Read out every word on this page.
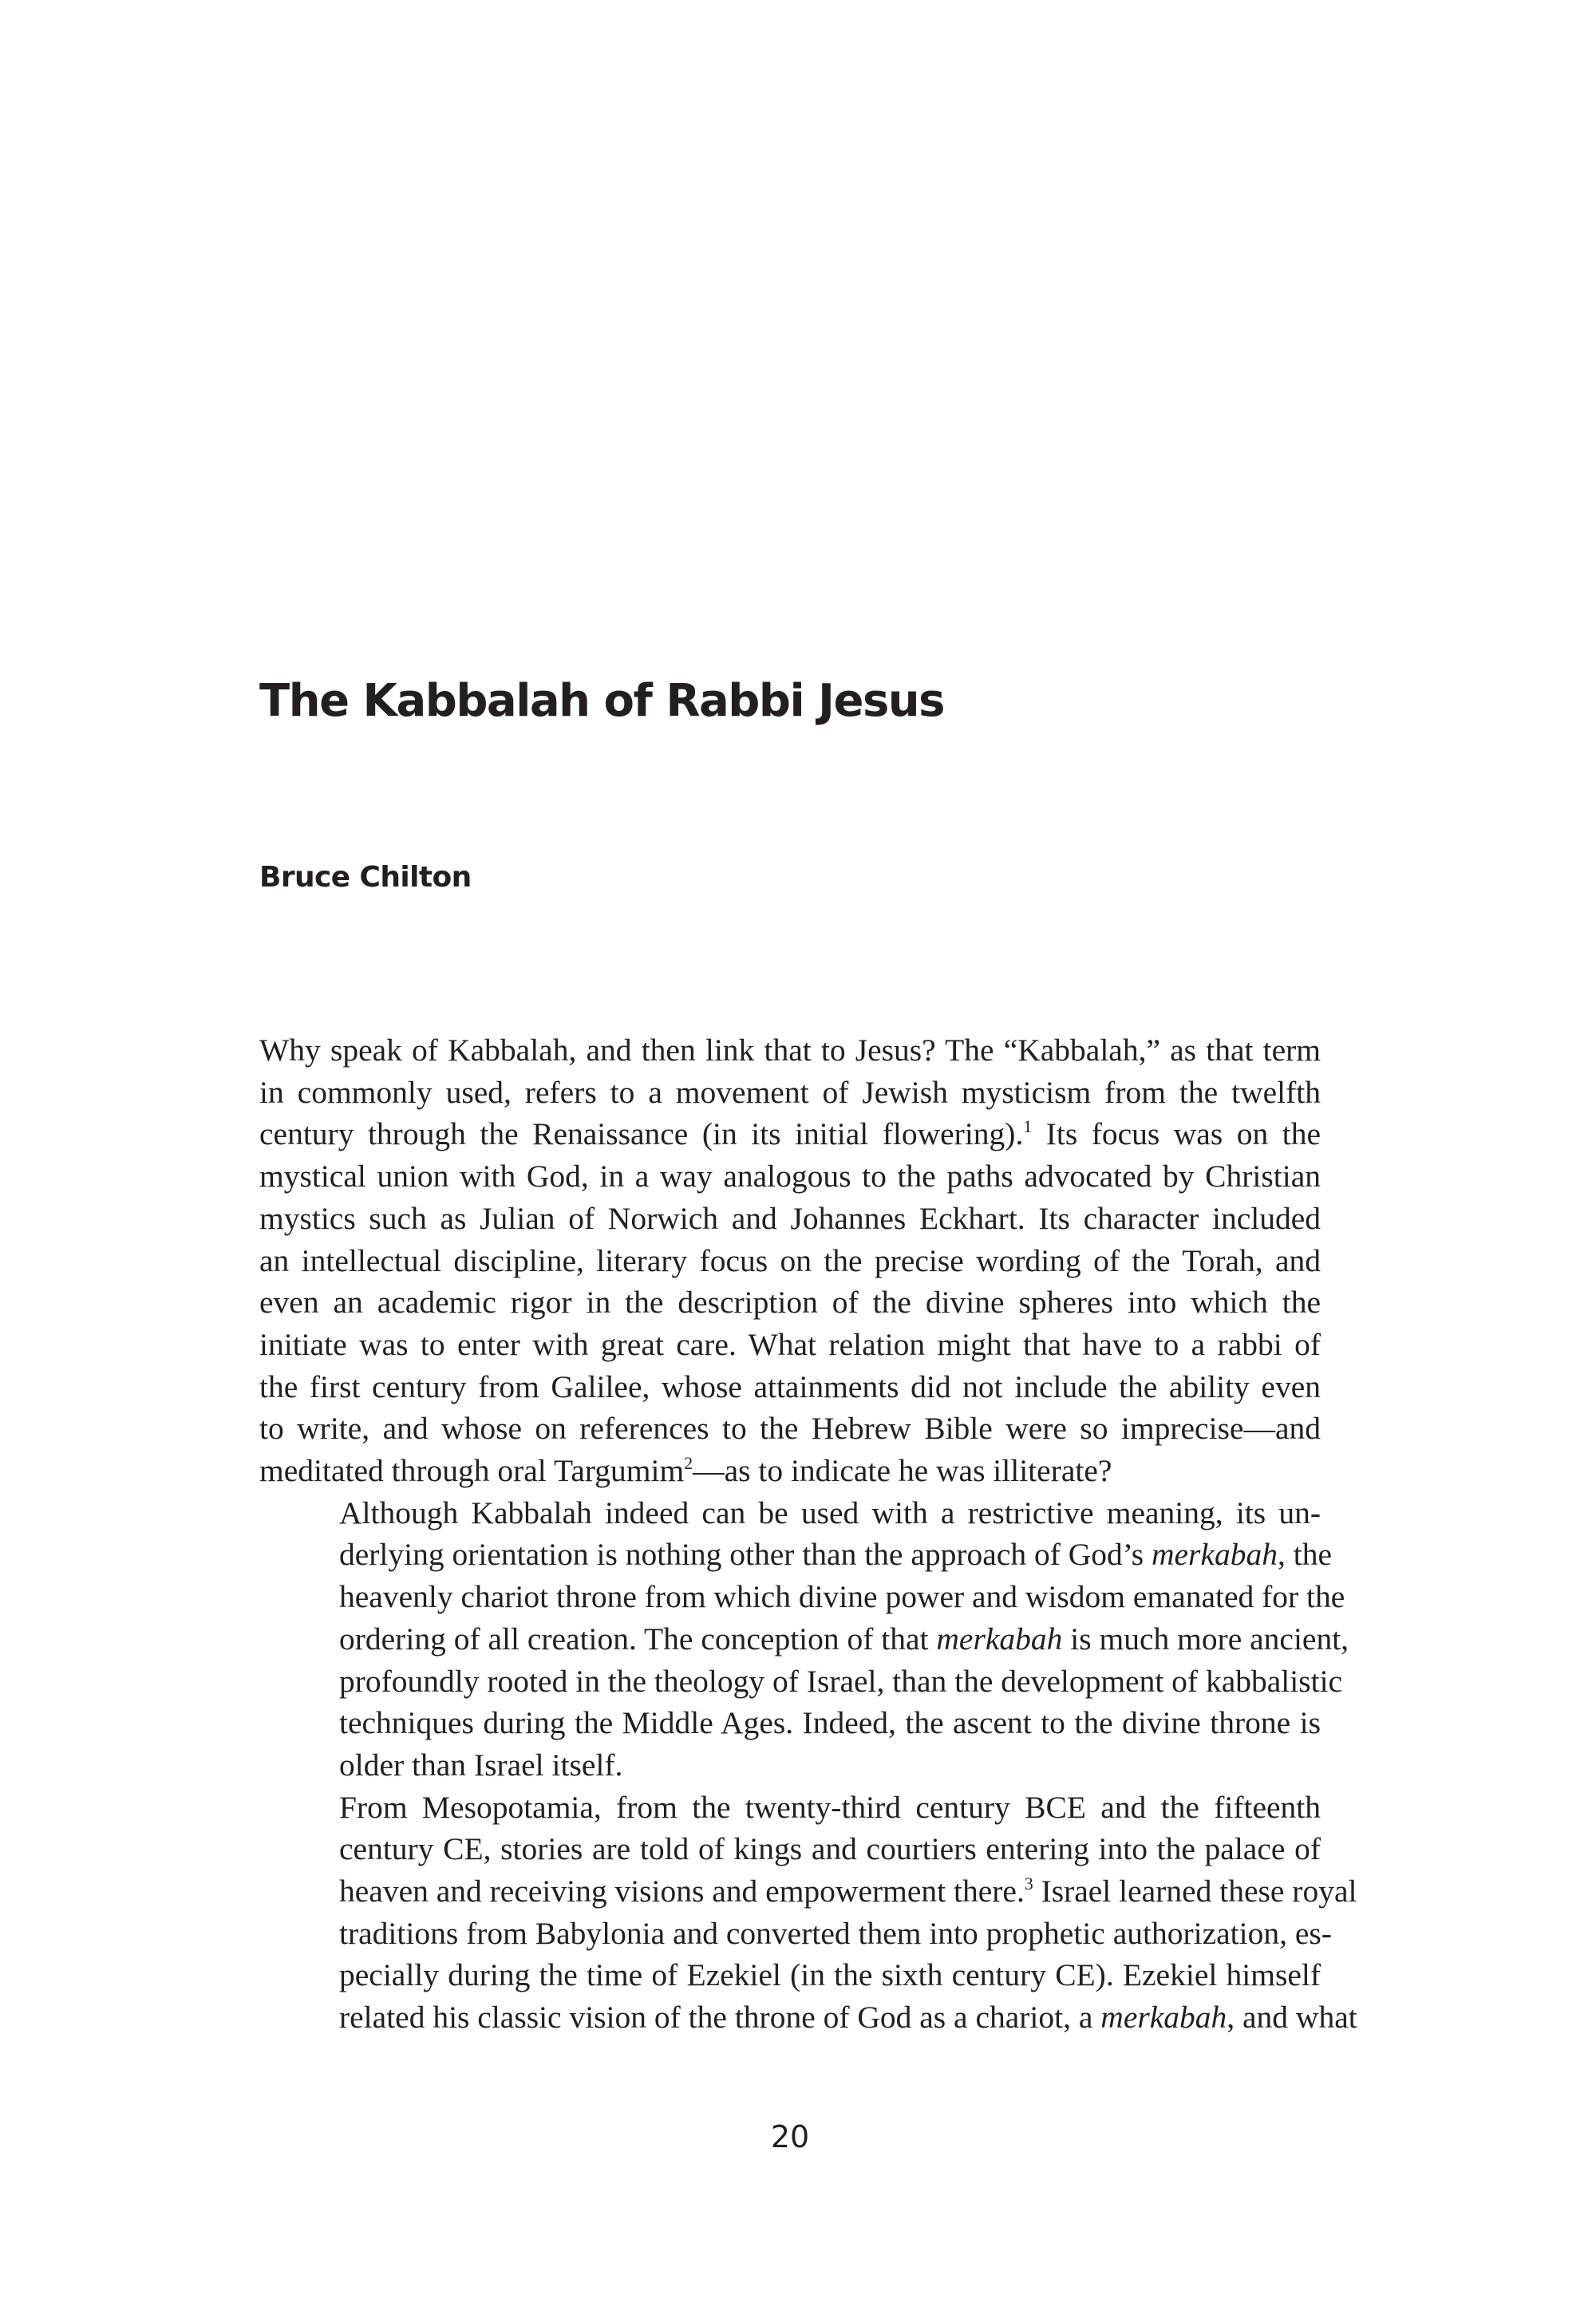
The Kabbalah of Rabbi Jesus
Bruce Chilton

Why speak of Kabbalah, and then link that to Jesus? The “Kabbalah,” as that term
in commonly used, refers to a movement of Jewish mysticism from the twelfth
century through the Renaissance (in its initial flowering).$^1$ Its focus was on the
mystical union with God, in a way analogous to the paths advocated by Christian
mystics such as Julian of Norwich and Johannes Eckhart. Its character included
an intellectual discipline, literary focus on the precise wording of the Torah, and
even an academic rigor in the description of the divine spheres into which the
initiate was to enter with great care. What relation might that have to a rabbi of
the first century from Galilee, whose attainments did not include the ability even
to write, and whose on references to the Hebrew Bible were so imprecise—and
meditated through oral Targumim$^2$—as to indicate he was illiterate?

Although Kabbalah indeed can be used with a restrictive meaning, its un-
derlying orientation is nothing other than the approach of God’s merkabah, the
heavenly chariot throne from which divine power and wisdom emanated for the
ordering of all creation. The conception of that merkabah is much more ancient,
profoundly rooted in the theology of Israel, than the development of kabbalistic
techniques during the Middle Ages. Indeed, the ascent to the divine throne is
older than Israel itself.

From Mesopotamia, from the twenty-third century BCE and the fifteenth
century CE, stories are told of kings and courtiers entering into the palace of
heaven and receiving visions and empowerment there.$^3$ Israel learned these royal
traditions from Babylonia and converted them into prophetic authorization, es-
pecially during the time of Ezekiel (in the sixth century CE). Ezekiel himself
related his classic vision of the throne of God as a chariot, a merkabah, and what

20
